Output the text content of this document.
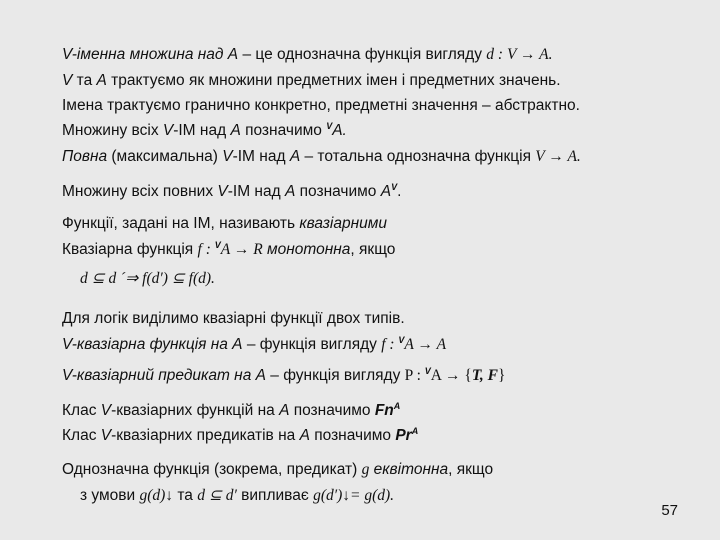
V-іменна множина над A – це однозначна функція вигляду d : V → A.
V та A трактуємо як множини предметних імен і предметних значень.
Імена трактуємо гранично конкретно, предметні значення – абстрактно.
Множину всіх V-ІМ над A позначимо $^V$A.
Повна (максимальна) V-ІМ над A – тотальна однозначна функція V → A.
Множину всіх повних V-ІМ над A позначимо $A^V$.
Функції, задані на ІМ, називають квазіарними
Квазіарна функція f : $^V$A → R монотонна, якщо
d ⊆ d ´⇒ f(d′) ⊆ f(d).
Для логік виділимо квазіарні функції двох типів.
V-квазіарна функція на A – функція вигляду f : $^V$A → A
V-квазіарний предикат на A – функція вигляду P : $^V$A → {T, F}
Клас V-квазіарних функцій на A позначимо $Fn^A$
Клас V-квазіарних предикатів на A позначимо $Pr^A$
Однозначна функція (зокрема, предикат) g еквітонна, якщо
з умови g(d)↓ та d ⊆ d′ випливає g(d′)↓= g(d).
57
